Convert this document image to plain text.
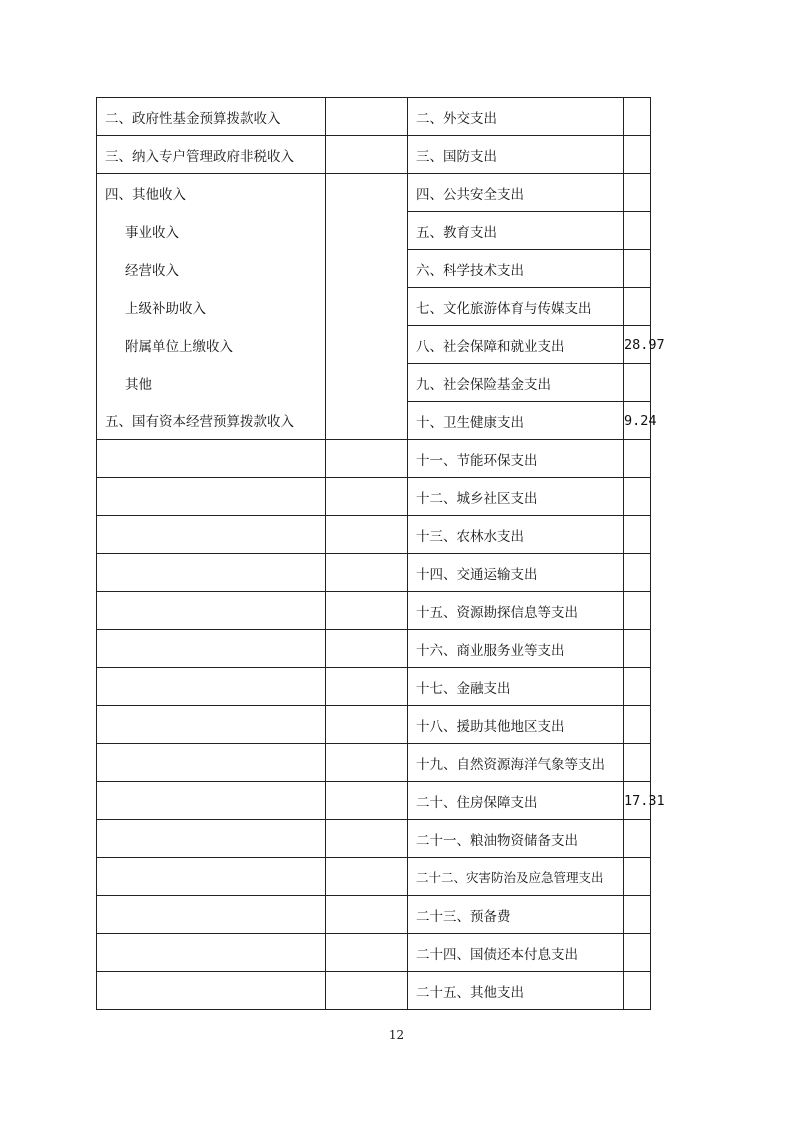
二、政府性基金预算拨款收入		二、外交支出	
三、纳入专户管理政府非税收入		三、国防支出	
四、其他收入		四、公共安全支出	
事业收入		五、教育支出	
经营收入		六、科学技术支出	
上级补助收入		七、文化旅游体育与传媒支出	
附属单位上缴收入		八、社会保障和就业支出	28.97
其他		九、社会保险基金支出	
五、国有资本经营预算拨款收入		十、卫生健康支出	9.24
		十一、节能环保支出	
		十二、城乡社区支出	
		十三、农林水支出	
		十四、交通运输支出	
		十五、资源勘探信息等支出	
		十六、商业服务业等支出	
		十七、金融支出	
		十八、援助其他地区支出	
		十九、自然资源海洋气象等支出	
		二十、住房保障支出	17.31
		二十一、粮油物资储备支出	
		二十二、灾害防治及应急管理支出	
		二十三、预备费	
		二十四、国债还本付息支出	
		二十五、其他支出	
12
